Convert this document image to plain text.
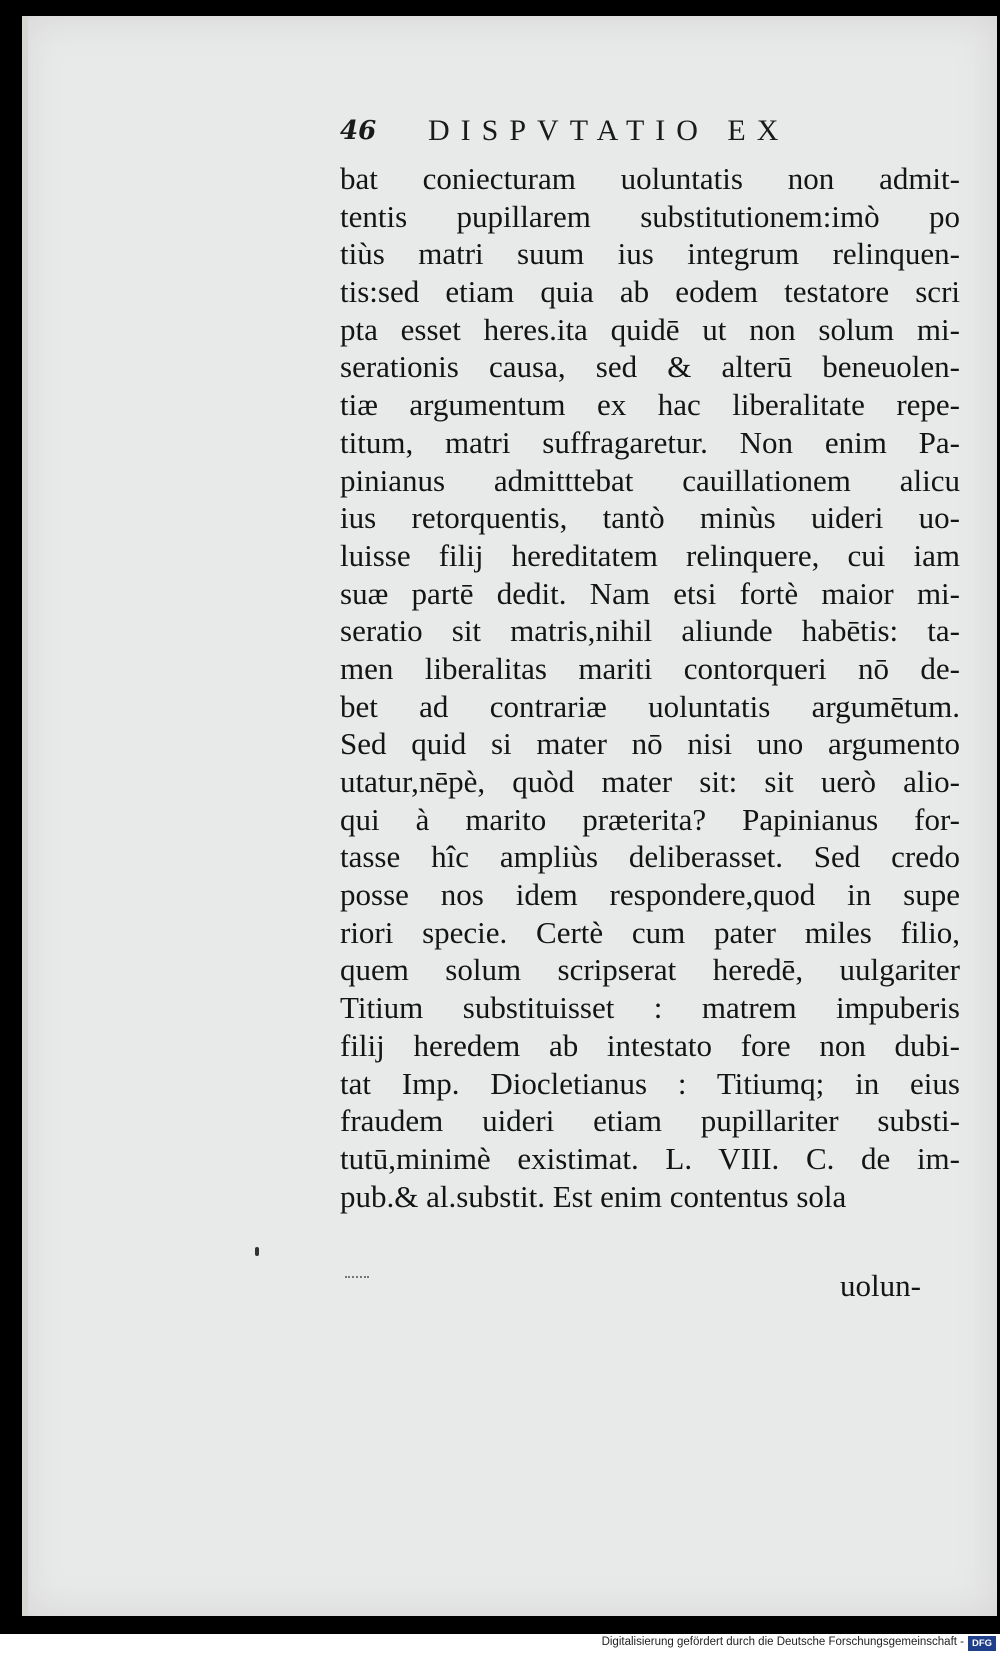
46 DISPVTATIO EX
bat coniecturam uoluntatis non admit-
tentis pupillarem substitutionem:imò po
tiùs matri suum ius integrum relinquen-
tis:sed etiam quia ab eodem testatore scri
pta esset heres.ita quidē ut non solum mi-
serationis causa, sed & alterū beneuolen-
tiæ argumentum ex hac liberalitate repe-
titum, matri suffragaretur. Non enim Pa-
pinianus admitttebat cauillationem alicu
ius retorquentis, tantò minùs uideri uo-
luisse filij hereditatem relinquere, cui iam
suæ partē dedit. Nam etsi fortè maior mi-
seratio sit matris,nihil aliunde habētis: ta-
men liberalitas mariti contorqueri nō de-
bet ad contrariæ uoluntatis argumētum.
Sed quid si mater nō nisi uno argumento
utatur,nēpè, quòd mater sit: sit uerò alio-
qui à marito præterita? Papinianus for-
tasse hîc ampliùs deliberasset. Sed credo
posse nos idem respondere,quod in supe
riori specie. Certè cum pater miles filio,
quem solum scripserat heredē, uulgariter
Titium substituisset : matrem impuberis
filij heredem ab intestato fore non dubi-
tat Imp. Diocletianus : Titiumq; in eius
fraudem uideri etiam pupillariter substi-
tutū,minimè existimat. L. VIII. C. de im-
pub.& al.substit. Est enim contentus sola
uolun-
Digitalisierung gefördert durch die Deutsche Forschungsgemeinschaft - DFG
